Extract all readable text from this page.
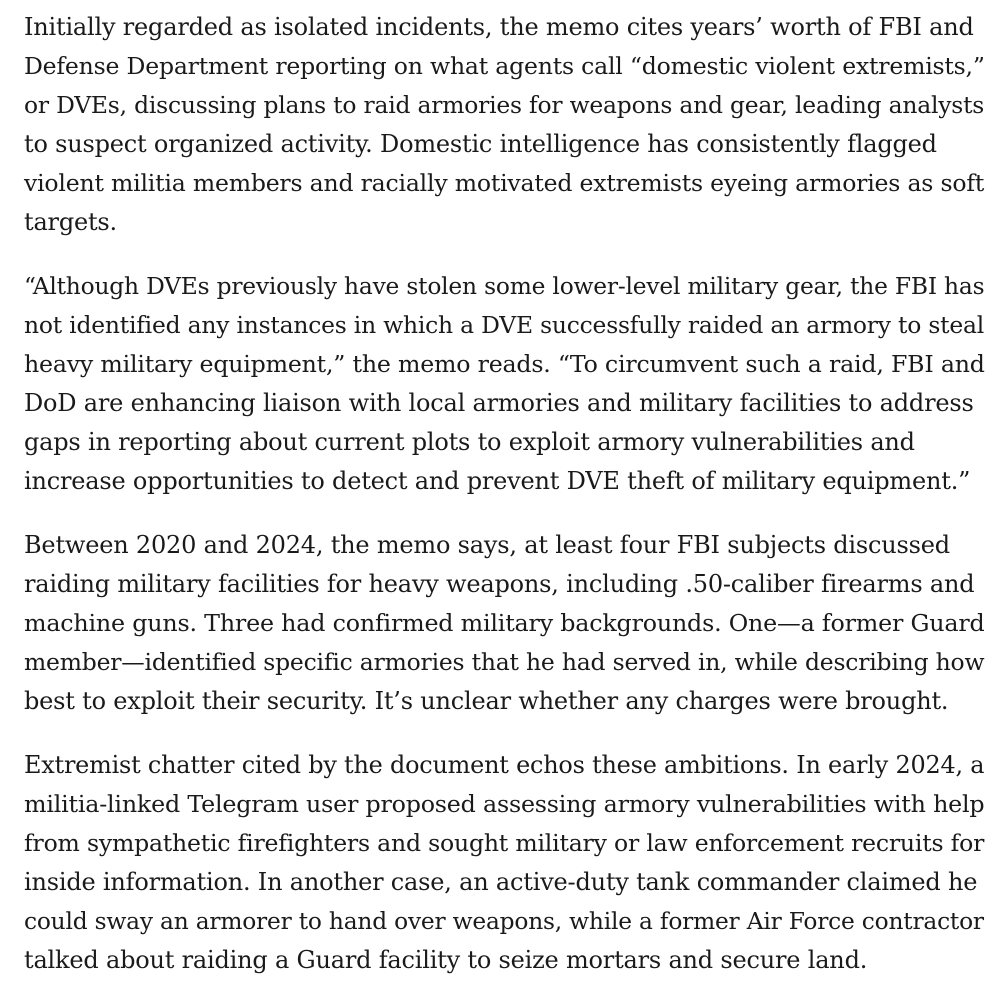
Initially regarded as isolated incidents, the memo cites years’ worth of FBI and
Defense Department reporting on what agents call “domestic violent extremists,”
or DVEs, discussing plans to raid armories for weapons and gear, leading analysts
to suspect organized activity. Domestic intelligence has consistently flagged
violent militia members and racially motivated extremists eyeing armories as soft
targets.

“Although DVEs previously have stolen some lower-level military gear, the FBI has
not identified any instances in which a DVE successfully raided an armory to steal
heavy military equipment,” the memo reads. “To circumvent such a raid, FBI and
DoD are enhancing liaison with local armories and military facilities to address
gaps in reporting about current plots to exploit armory vulnerabilities and
increase opportunities to detect and prevent DVE theft of military equipment.”

Between 2020 and 2024, the memo says, at least four FBI subjects discussed
raiding military facilities for heavy weapons, including .50-caliber firearms and
machine guns. Three had confirmed military backgrounds. One—a former Guard
member—identified specific armories that he had served in, while describing how
best to exploit their security. It’s unclear whether any charges were brought.

Extremist chatter cited by the document echos these ambitions. In early 2024, a
militia-linked Telegram user proposed assessing armory vulnerabilities with help
from sympathetic firefighters and sought military or law enforcement recruits for
inside information. In another case, an active-duty tank commander claimed he
could sway an armorer to hand over weapons, while a former Air Force contractor
talked about raiding a Guard facility to seize mortars and secure land.
